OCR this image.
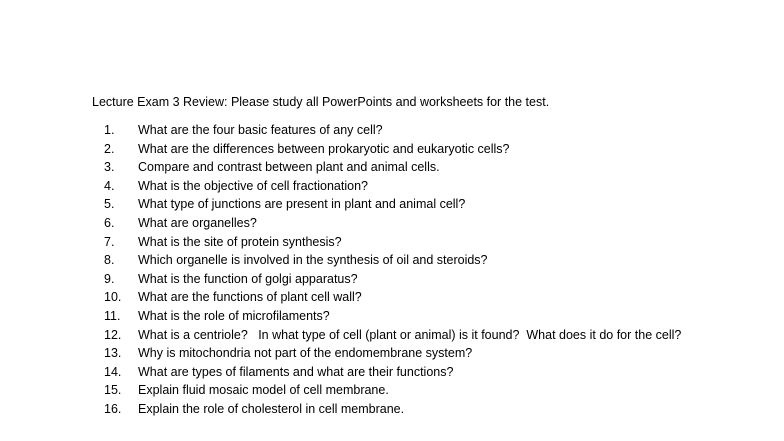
Lecture Exam 3 Review: Please study all PowerPoints and worksheets for the test.
1.	What are the four basic features of any cell?
2.	What are the differences between prokaryotic and eukaryotic cells?
3.	Compare and contrast between plant and animal cells.
4.	What is the objective of cell fractionation?
5.	What type of junctions are present in plant and animal cell?
6.	What are organelles?
7.	What is the site of protein synthesis?
8.	Which organelle is involved in the synthesis of oil and steroids?
9.	What is the function of golgi apparatus?
10.	What are the functions of plant cell wall?
11.	What is the role of microfilaments?
12.	What is a centriole?   In what type of cell (plant or animal) is it found?  What does it do for the cell?
13.	Why is mitochondria not part of the endomembrane system?
14.	What are types of filaments and what are their functions?
15.	Explain fluid mosaic model of cell membrane.
16.	Explain the role of cholesterol in cell membrane.
